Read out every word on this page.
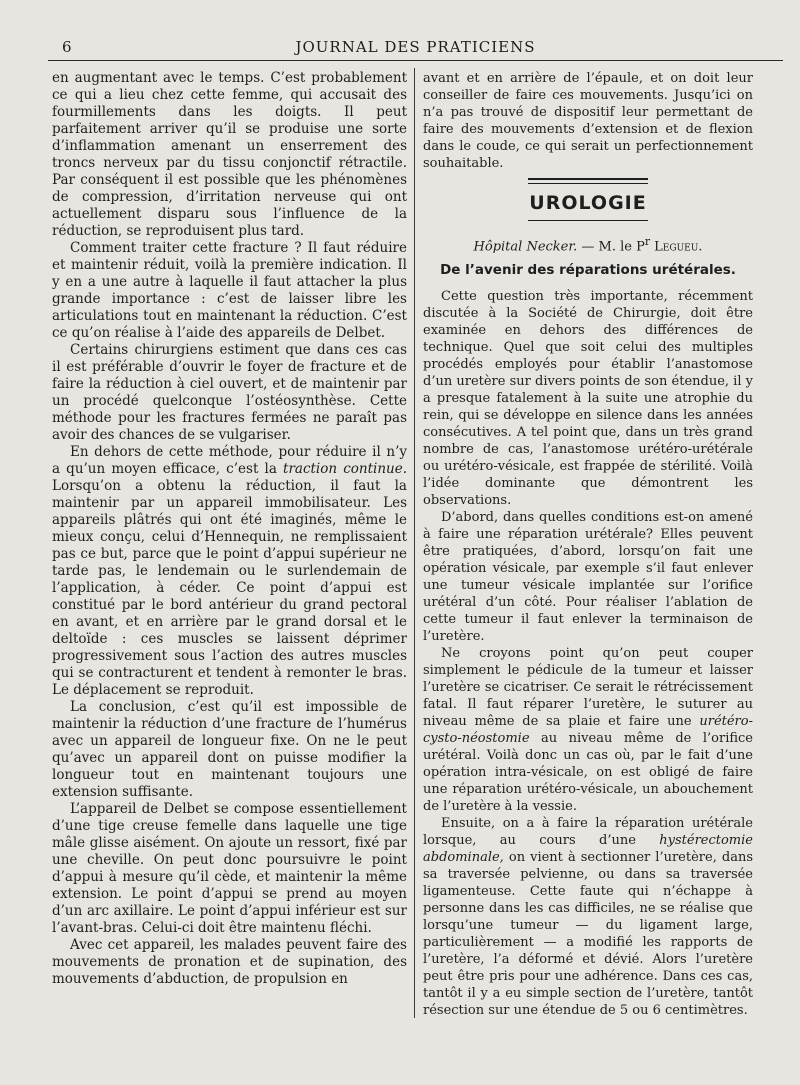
6	JOURNAL DES PRATICIENS

en augmentant avec le temps. C’est probablement ce qui a lieu chez cette femme, qui accusait des fourmillements dans les doigts. Il peut parfaitement arriver qu’il se produise une sorte d’inflammation amenant un enserrement des troncs nerveux par du tissu conjonctif rétractile. Par conséquent il est possible que les phénomènes de compression, d’irritation nerveuse qui ont actuellement disparu sous l’influence de la réduction, se reproduisent plus tard.

Comment traiter cette fracture ? Il faut réduire et maintenir réduit, voilà la première indication. Il y en a une autre à laquelle il faut attacher la plus grande importance : c’est de laisser libre les articulations tout en maintenant la réduction. C’est ce qu’on réalise à l’aide des appareils de Delbet.

Certains chirurgiens estiment que dans ces cas il est préférable d’ouvrir le foyer de fracture et de faire la réduction à ciel ouvert, et de maintenir par un procédé quelconque l’ostéosynthèse. Cette méthode pour les fractures fermées ne paraît pas avoir des chances de se vulgariser.

En dehors de cette méthode, pour réduire il n’y a qu’un moyen efficace, c’est la traction continue. Lorsqu’on a obtenu la réduction, il faut la maintenir par un appareil immobilisateur. Les appareils plâtrés qui ont été imaginés, même le mieux conçu, celui d’Hennequin, ne remplissaient pas ce but, parce que le point d’appui supérieur ne tarde pas, le lendemain ou le surlendemain de l’application, à céder. Ce point d’appui est constitué par le bord antérieur du grand pectoral en avant, et en arrière par le grand dorsal et le deltoïde : ces muscles se laissent déprimer progressivement sous l’action des autres muscles qui se contracturent et tendent à remonter le bras. Le déplacement se reproduit.

La conclusion, c’est qu’il est impossible de maintenir la réduction d’une fracture de l’humérus avec un appareil de longueur fixe. On ne le peut qu’avec un appareil dont on puisse modifier la longueur tout en maintenant toujours une extension suffisante.

L’appareil de Delbet se compose essentiellement d’une tige creuse femelle dans laquelle une tige mâle glisse aisément. On ajoute un ressort, fixé par une cheville. On peut donc poursuivre le point d’appui à mesure qu’il cède, et maintenir la même extension. Le point d’appui se prend au moyen d’un arc axillaire. Le point d’appui inférieur est sur l’avant-bras. Celui-ci doit être maintenu fléchi.

Avec cet appareil, les malades peuvent faire des mouvements de pronation et de supination, des mouvements d’abduction, de propulsion en

avant et en arrière de l’épaule, et on doit leur conseiller de faire ces mouvements. Jusqu’ici on n’a pas trouvé de dispositif leur permettant de faire des mouvements d’extension et de flexion dans le coude, ce qui serait un perfectionnement souhaitable.

UROLOGIE
Hôpital Necker. — M. le $P^r$ Legueu.
De l’avenir des réparations urétérales.

Cette question très importante, récemment discutée à la Société de Chirurgie, doit être examinée en dehors des différences de technique. Quel que soit celui des multiples procédés employés pour établir l’anastomose d’un uretère sur divers points de son étendue, il y a presque fatalement à la suite une atrophie du rein, qui se développe en silence dans les années consécutives. A tel point que, dans un très grand nombre de cas, l’anastomose urétéro-urétérale ou urétéro-vésicale, est frappée de stérilité. Voilà l’idée dominante que démontrent les observations.

D’abord, dans quelles conditions est-on amené à faire une réparation urétérale? Elles peuvent être pratiquées, d’abord, lorsqu’on fait une opération vésicale, par exemple s’il faut enlever une tumeur vésicale implantée sur l’orifice urétéral d’un côté. Pour réaliser l’ablation de cette tumeur il faut enlever la terminaison de l’uretère.

Ne croyons point qu’on peut couper simplement le pédicule de la tumeur et laisser l’uretère se cicatriser. Ce serait le rétrécissement fatal. Il faut réparer l’uretère, le suturer au niveau même de sa plaie et faire une urétéro-cysto-néostomie au niveau même de l’orifice urétéral. Voilà donc un cas où, par le fait d’une opération intra-vésicale, on est obligé de faire une réparation urétéro-vésicale, un abouchement de l’uretère à la vessie.

Ensuite, on a à faire la réparation urétérale lorsque, au cours d’une hystérectomie abdominale, on vient à sectionner l’uretère, dans sa traversée pelvienne, ou dans sa traversée ligamenteuse. Cette faute qui n’échappe à personne dans les cas difficiles, ne se réalise que lorsqu’une tumeur — du ligament large, particulièrement — a modifié les rapports de l’uretère, l’a déformé et dévié. Alors l’uretère peut être pris pour une adhérence. Dans ces cas, tantôt il y a eu simple section de l’uretère, tantôt résection sur une étendue de 5 ou 6 centimètres.
